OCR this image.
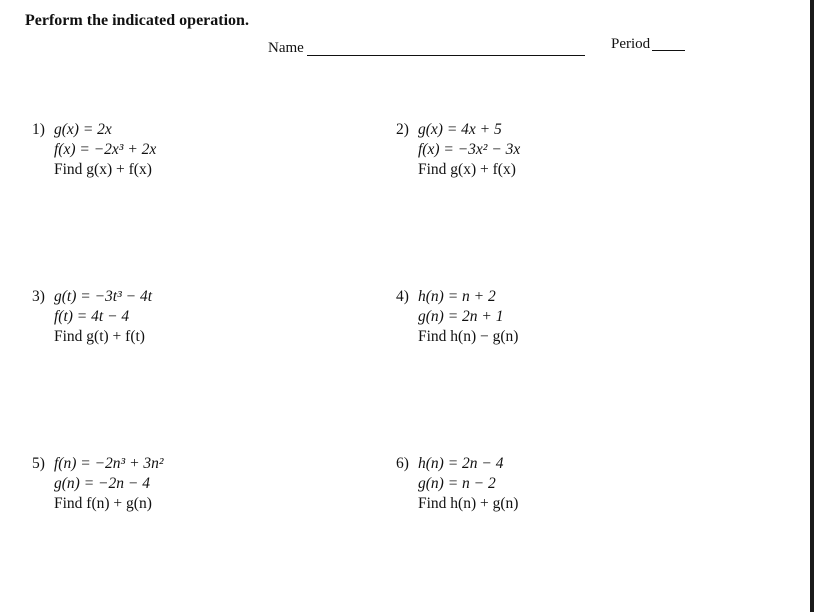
Perform the indicated operation.
Name	Period
1) g(x) = 2x
f(x) = −2x³ + 2x
Find g(x) + f(x)
2) g(x) = 4x + 5
f(x) = −3x² − 3x
Find g(x) + f(x)
3) g(t) = −3t³ − 4t
f(t) = 4t − 4
Find g(t) + f(t)
4) h(n) = n + 2
g(n) = 2n + 1
Find h(n) − g(n)
5) f(n) = −2n³ + 3n²
g(n) = −2n − 4
Find f(n) + g(n)
6) h(n) = 2n − 4
g(n) = n − 2
Find h(n) + g(n)
